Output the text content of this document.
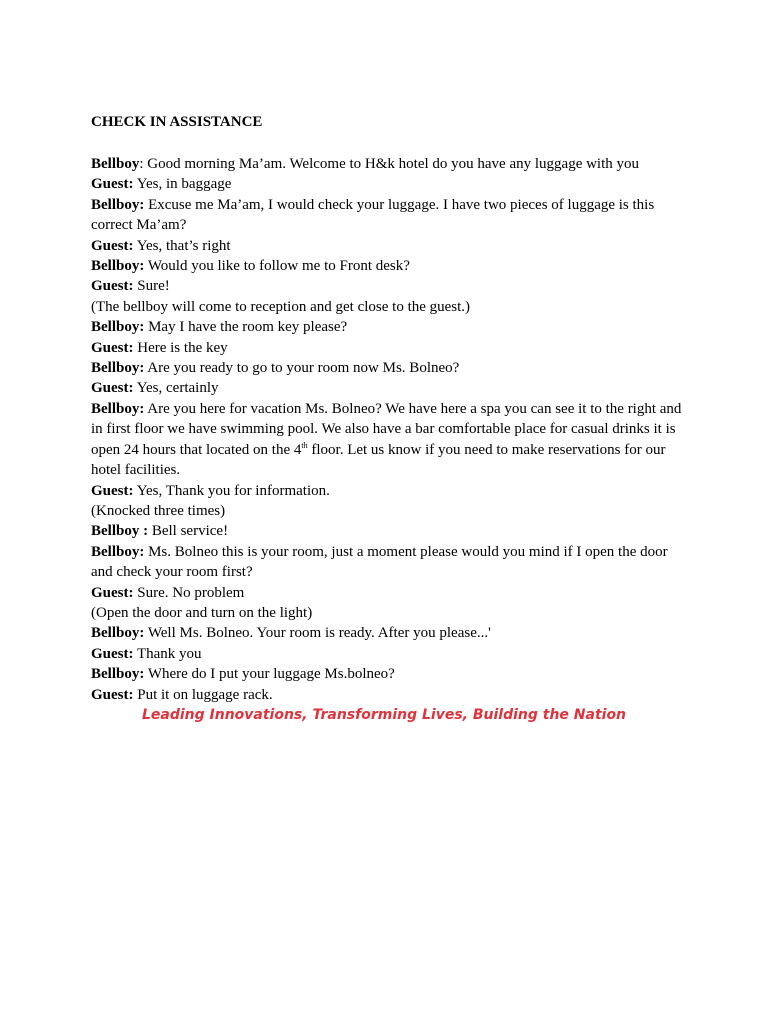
CHECK IN ASSISTANCE
Bellboy: Good morning Ma’am. Welcome to H&k hotel do you have any luggage with you
Guest: Yes, in baggage
Bellboy: Excuse me Ma’am, I would check your luggage. I have two pieces of luggage is this correct Ma’am?
Guest: Yes, that’s right
Bellboy: Would you like to follow me to Front desk?
Guest: Sure!
(The bellboy will come to reception and get close to the guest.)
Bellboy: May I have the room key please?
Guest: Here is the key
Bellboy: Are you ready to go to your room now Ms. Bolneo?
Guest: Yes, certainly
Bellboy: Are you here for vacation Ms. Bolneo? We have here a spa you can see it to the right and in first floor we have swimming pool. We also have a bar comfortable place for casual drinks it is open 24 hours that located on the 4th floor. Let us know if you need to make reservations for our hotel facilities.
Guest: Yes, Thank you for information.
(Knocked three times)
Bellboy : Bell service!
Bellboy: Ms. Bolneo this is your room, just a moment please would you mind if I open the door and check your room first?
Guest: Sure. No problem
(Open the door and turn on the light)
Bellboy: Well Ms. Bolneo. Your room is ready. After you please...'
Guest: Thank you
Bellboy: Where do I put your luggage Ms.bolneo?
Guest: Put it on luggage rack.
Leading Innovations, Transforming Lives, Building the Nation
